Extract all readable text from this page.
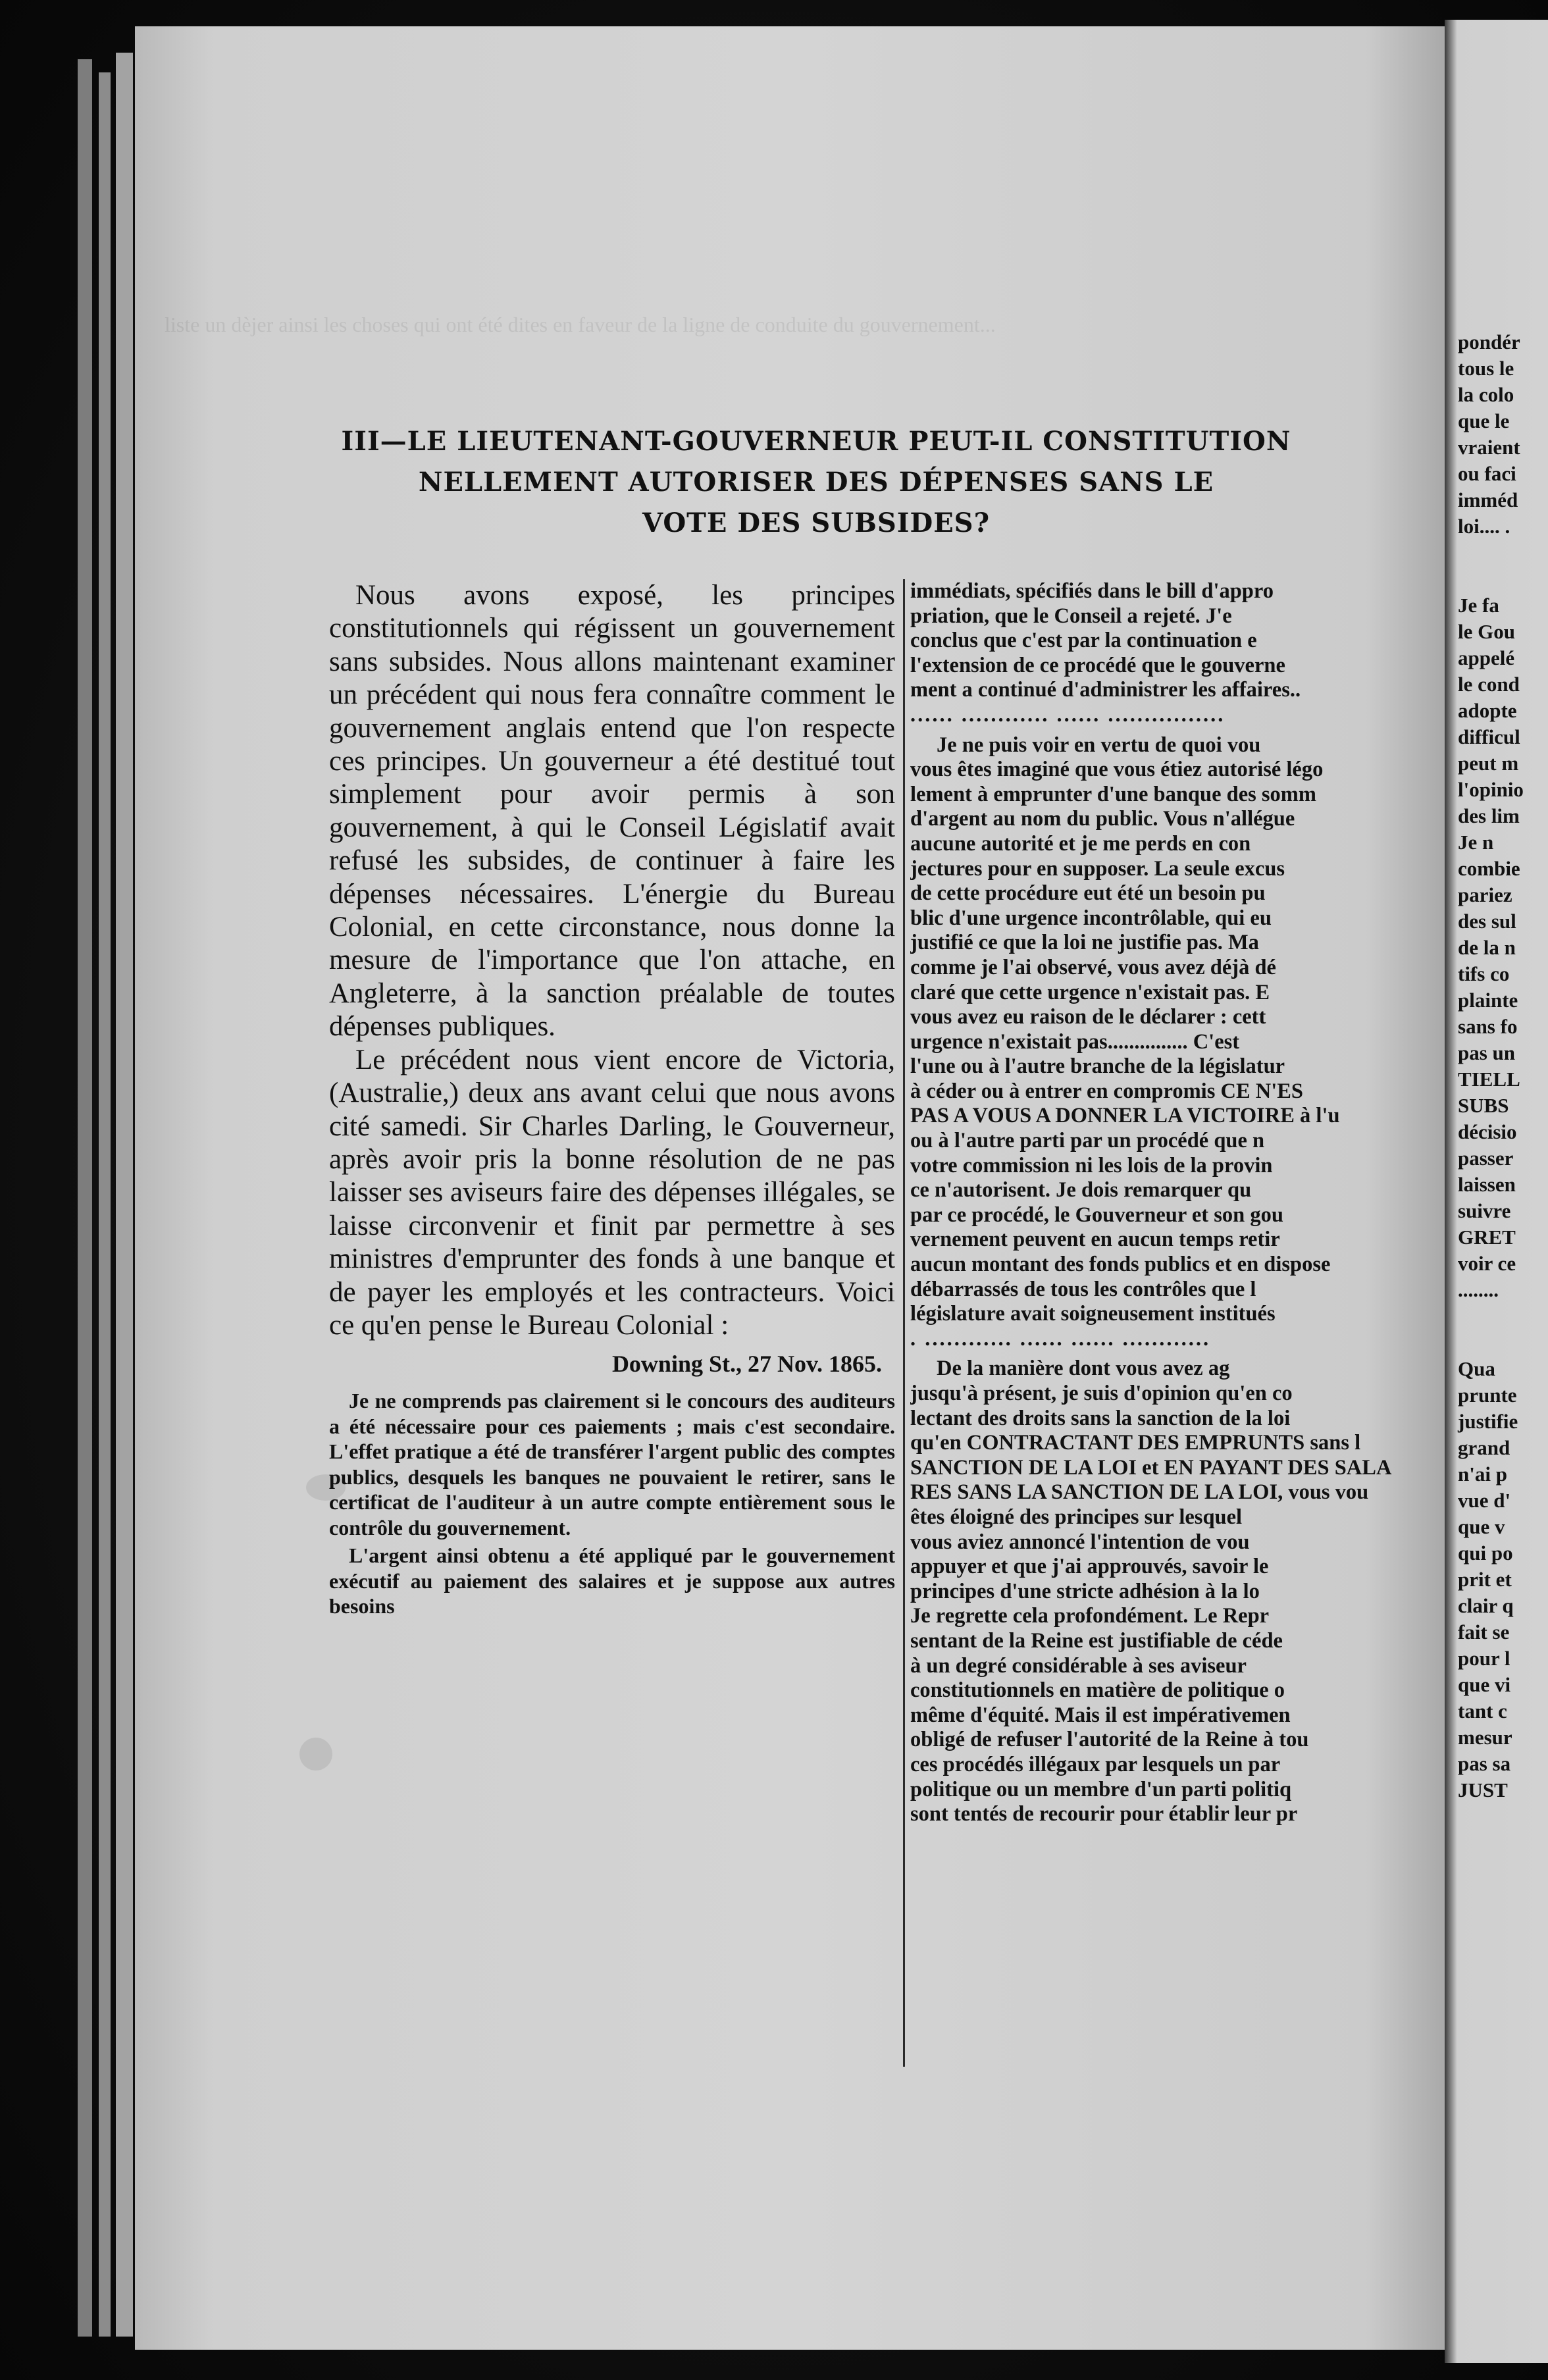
liste un dèjer ainsi les choses qui ont été dites en faveur de la ligne de conduite du gouvernement...
III—LE LIEUTENANT-GOUVERNEUR PEUT-IL CONSTITUTION
NELLEMENT AUTORISER DES DÉPENSES SANS LE
VOTE DES SUBSIDES?

Nous avons exposé, les principes constitutionnels qui régissent un gouvernement sans subsides. Nous allons maintenant examiner un précédent qui nous fera connaître comment le gouvernement anglais entend que l'on respecte ces principes. Un gouverneur a été destitué tout simplement pour avoir permis à son gouvernement, à qui le Conseil Législatif avait refusé les subsides, de continuer à faire les dépenses nécessaires. L'énergie du Bureau Colonial, en cette circonstance, nous donne la mesure de l'importance que l'on attache, en Angleterre, à la sanction préalable de toutes dépenses publiques.

Le précédent nous vient encore de Victoria, (Australie,) deux ans avant celui que nous avons cité samedi. Sir Charles Darling, le Gouverneur, après avoir pris la bonne résolution de ne pas laisser ses aviseurs faire des dépenses illégales, se laisse circonvenir et finit par permettre à ses ministres d'emprunter des fonds à une banque et de payer les employés et les contracteurs. Voici ce qu'en pense le Bureau Colonial :

Downing St., 27 Nov. 1865.

Je ne comprends pas clairement si le concours des auditeurs a été nécessaire pour ces paiements ; mais c'est secondaire. L'effet pratique a été de transférer l'argent public des comptes publics, desquels les banques ne pouvaient le retirer, sans le certificat de l'auditeur à un autre compte entièrement sous le contrôle du gouvernement.

L'argent ainsi obtenu a été appliqué par le gouvernement exécutif au paiement des salaires et je suppose aux autres besoins

immédiats, spécifiés dans le bill d'appro

priation, que le Conseil a rejeté. J'e

conclus que c'est par la continuation e

l'extension de ce procédé que le gouverne

ment a continué d'administrer les affaires..

...... ............ ...... ................

Je ne puis voir en vertu de quoi vou

vous êtes imaginé que vous étiez autorisé légo

lement à emprunter d'une banque des somm

d'argent au nom du public. Vous n'allégue

aucune autorité et je me perds en con

jectures pour en supposer. La seule excus

de cette procédure eut été un besoin pu

blic d'une urgence incontrôlable, qui eu

justifié ce que la loi ne justifie pas. Ma

comme je l'ai observé, vous avez déjà dé

claré que cette urgence n'existait pas. E

vous avez eu raison de le déclarer : cett

urgence n'existait pas............... C'est

l'une ou à l'autre branche de la législatur

à céder ou à entrer en compromis CE N'ES

PAS A VOUS A DONNER LA VICTOIRE à l'u

ou à l'autre parti par un procédé que n

votre commission ni les lois de la provin

ce n'autorisent. Je dois remarquer qu

par ce procédé, le Gouverneur et son gou

vernement peuvent en aucun temps retir

aucun montant des fonds publics et en dispose

débarrassés de tous les contrôles que l

législature avait soigneusement institués

. ............ ...... ...... ............

De la manière dont vous avez ag

jusqu'à présent, je suis d'opinion qu'en co

lectant des droits sans la sanction de la loi

qu'en CONTRACTANT DES EMPRUNTS sans l

SANCTION DE LA LOI et EN PAYANT DES SALA

RES SANS LA SANCTION DE LA LOI, vous vou

êtes éloigné des principes sur lesquel

vous aviez annoncé l'intention de vou

appuyer et que j'ai approuvés, savoir le

principes d'une stricte adhésion à la lo

Je regrette cela profondément. Le Repr

sentant de la Reine est justifiable de céde

à un degré considérable à ses aviseur

constitutionnels en matière de politique o

même d'équité. Mais il est impérativemen

obligé de refuser l'autorité de la Reine à tou

ces procédés illégaux par lesquels un par

politique ou un membre d'un parti politiq

sont tentés de recourir pour établir leur pr

pondér

tous le

la colo

que le

vraient

ou faci

imméd

loi.... .

Je fa

le Gou

appelé

le cond

adopte

difficul

peut m

l'opinio

des lim

Je n

combie

pariez

des sul

de la n

tifs co

plainte

sans fo

pas un

TIELL

SUBS

décisio

passer

laissen

suivre

GRET

voir ce

........

Qua

prunte

justifie

grand

n'ai p

vue d'

que v

qui po

prit et

clair q

fait se

pour l

que vi

tant c

mesur

pas sa

JUST
